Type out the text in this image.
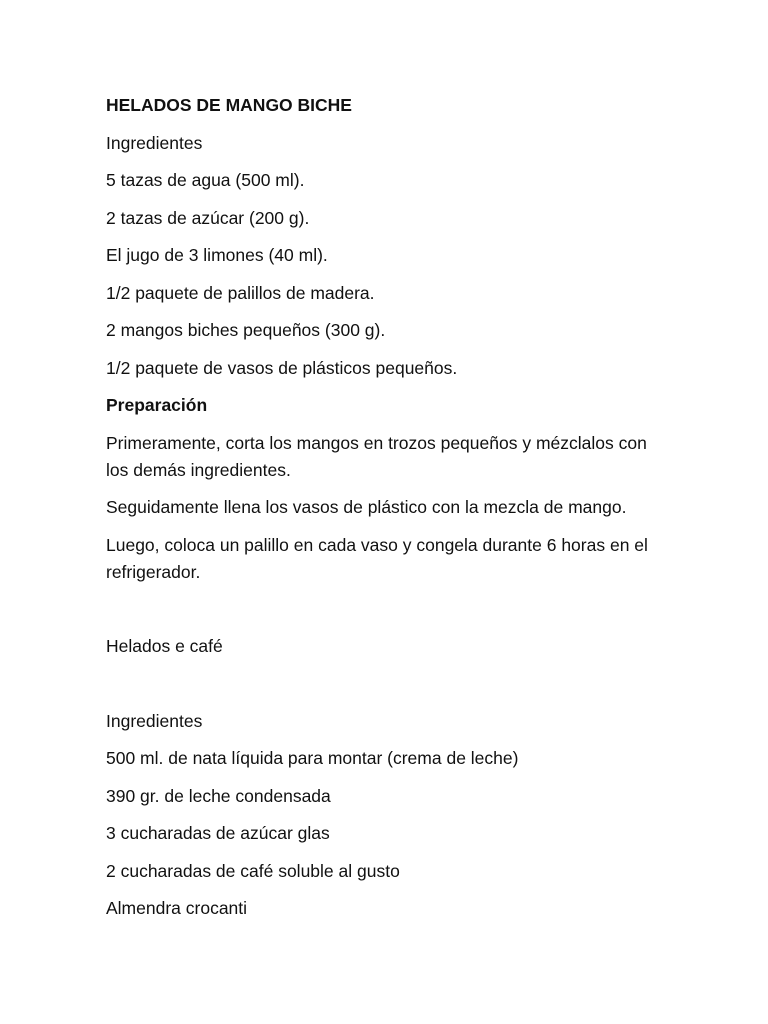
HELADOS DE MANGO BICHE

Ingredientes

5 tazas de agua (500 ml).

2 tazas de azúcar (200 g).

El jugo de 3 limones (40 ml).

1/2 paquete de palillos de madera.

2 mangos biches pequeños (300 g).

1/2 paquete de vasos de plásticos pequeños.

Preparación

Primeramente, corta los mangos en trozos pequeños y mézclalos con los demás ingredientes.

Seguidamente llena los vasos de plástico con la mezcla de mango.

Luego, coloca un palillo en cada vaso y congela durante 6 horas en el refrigerador.

Helados e café

Ingredientes

500 ml. de nata líquida para montar (crema de leche)

390 gr. de leche condensada

3 cucharadas de azúcar glas

2 cucharadas de café soluble al gusto

Almendra crocanti
